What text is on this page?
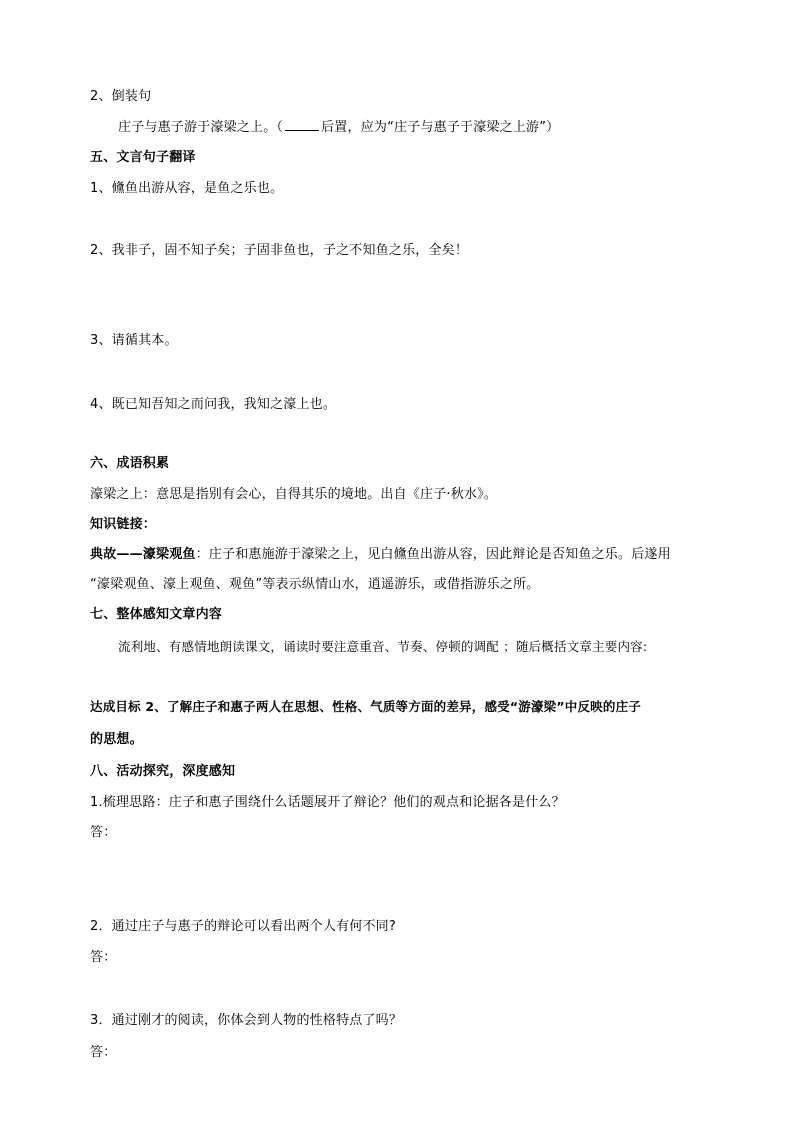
2、倒装句
庄子与惠子游于濠梁之上。（	后置，应为“庄子与惠子于濠梁之上游”）
五、文言句子翻译
1、儵鱼出游从容，是鱼之乐也。
2、我非子，固不知子矣；子固非鱼也，子之不知鱼之乐，全矣！
3、请循其本。
4、既已知吾知之而问我，我知之濠上也。
六、成语积累
濠梁之上：意思是指别有会心，自得其乐的境地。出自《庄子·秋水》。
知识链接：
典故——濠梁观鱼：庄子和惠施游于濠梁之上，见白儵鱼出游从容，因此辩论是否知鱼之乐。后遂用
“濠梁观鱼、濠上观鱼、观鱼”等表示纵情山水，逍遥游乐，或借指游乐之所。
七、整体感知文章内容
流利地、有感情地朗读课文，诵读时要注意重音、节奏、停顿的调配 ；随后概括文章主要内容:
达成目标 2、了解庄子和惠子两人在思想、性格、气质等方面的差异，感受“游濠梁”中反映的庄子
的思想。
八、活动探究，深度感知
1.梳理思路：庄子和惠子围绕什么话题展开了辩论？他们的观点和论据各是什么？
答：
2．通过庄子与惠子的辩论可以看出两个人有何不同?
答：
3．通过刚才的阅读，你体会到人物的性格特点了吗？
答：
